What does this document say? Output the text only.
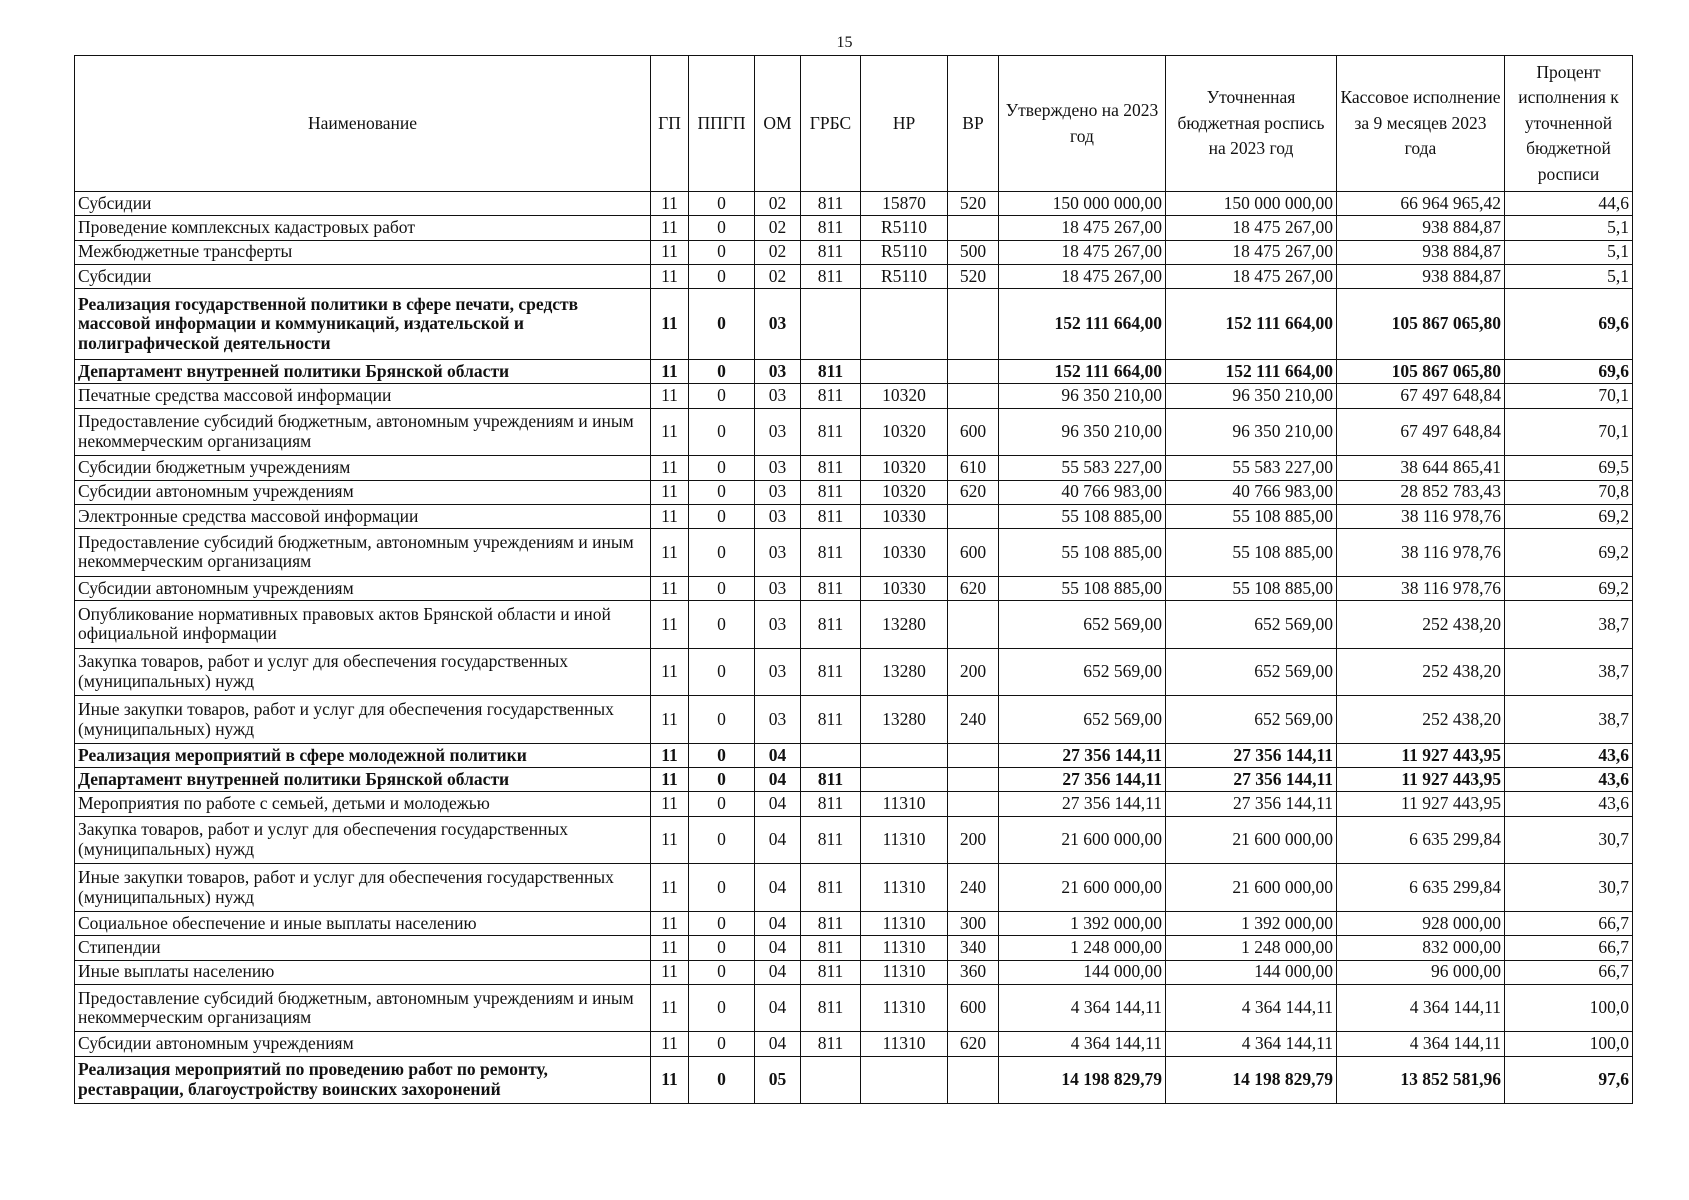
15
Наименование	ГП	ППГП	ОМ	ГРБС	НР	ВР	Утверждено на 2023 год	Уточненная бюджетная роспись на 2023 год	Кассовое исполнение за 9 месяцев 2023 года	Процент исполнения к уточненной бюджетной росписи
Субсидии	11	0	02	811	15870	520	150 000 000,00	150 000 000,00	66 964 965,42	44,6
Проведение комплексных кадастровых работ	11	0	02	811	R5110		18 475 267,00	18 475 267,00	938 884,87	5,1
Межбюджетные трансферты	11	0	02	811	R5110	500	18 475 267,00	18 475 267,00	938 884,87	5,1
Субсидии	11	0	02	811	R5110	520	18 475 267,00	18 475 267,00	938 884,87	5,1
Реализация государственной политики в сфере печати, средств массовой информации и коммуникаций, издательской и полиграфической деятельности	11	0	03				152 111 664,00	152 111 664,00	105 867 065,80	69,6
Департамент внутренней политики Брянской области	11	0	03	811			152 111 664,00	152 111 664,00	105 867 065,80	69,6
Печатные средства массовой информации	11	0	03	811	10320		96 350 210,00	96 350 210,00	67 497 648,84	70,1
Предоставление субсидий бюджетным, автономным учреждениям и иным некоммерческим организациям	11	0	03	811	10320	600	96 350 210,00	96 350 210,00	67 497 648,84	70,1
Субсидии бюджетным учреждениям	11	0	03	811	10320	610	55 583 227,00	55 583 227,00	38 644 865,41	69,5
Субсидии автономным учреждениям	11	0	03	811	10320	620	40 766 983,00	40 766 983,00	28 852 783,43	70,8
Электронные средства массовой информации	11	0	03	811	10330		55 108 885,00	55 108 885,00	38 116 978,76	69,2
Предоставление субсидий бюджетным, автономным учреждениям и иным некоммерческим организациям	11	0	03	811	10330	600	55 108 885,00	55 108 885,00	38 116 978,76	69,2
Субсидии автономным учреждениям	11	0	03	811	10330	620	55 108 885,00	55 108 885,00	38 116 978,76	69,2
Опубликование нормативных правовых актов Брянской области и иной официальной информации	11	0	03	811	13280		652 569,00	652 569,00	252 438,20	38,7
Закупка товаров, работ и услуг для обеспечения государственных (муниципальных) нужд	11	0	03	811	13280	200	652 569,00	652 569,00	252 438,20	38,7
Иные закупки товаров, работ и услуг для обеспечения государственных (муниципальных) нужд	11	0	03	811	13280	240	652 569,00	652 569,00	252 438,20	38,7
Реализация мероприятий в сфере молодежной политики	11	0	04				27 356 144,11	27 356 144,11	11 927 443,95	43,6
Департамент внутренней политики Брянской области	11	0	04	811			27 356 144,11	27 356 144,11	11 927 443,95	43,6
Мероприятия по работе с семьей, детьми и молодежью	11	0	04	811	11310		27 356 144,11	27 356 144,11	11 927 443,95	43,6
Закупка товаров, работ и услуг для обеспечения государственных (муниципальных) нужд	11	0	04	811	11310	200	21 600 000,00	21 600 000,00	6 635 299,84	30,7
Иные закупки товаров, работ и услуг для обеспечения государственных (муниципальных) нужд	11	0	04	811	11310	240	21 600 000,00	21 600 000,00	6 635 299,84	30,7
Социальное обеспечение и иные выплаты населению	11	0	04	811	11310	300	1 392 000,00	1 392 000,00	928 000,00	66,7
Стипендии	11	0	04	811	11310	340	1 248 000,00	1 248 000,00	832 000,00	66,7
Иные выплаты населению	11	0	04	811	11310	360	144 000,00	144 000,00	96 000,00	66,7
Предоставление субсидий бюджетным, автономным учреждениям и иным некоммерческим организациям	11	0	04	811	11310	600	4 364 144,11	4 364 144,11	4 364 144,11	100,0
Субсидии автономным учреждениям	11	0	04	811	11310	620	4 364 144,11	4 364 144,11	4 364 144,11	100,0
Реализация мероприятий по проведению работ по ремонту, реставрации, благоустройству воинских захоронений	11	0	05				14 198 829,79	14 198 829,79	13 852 581,96	97,6
